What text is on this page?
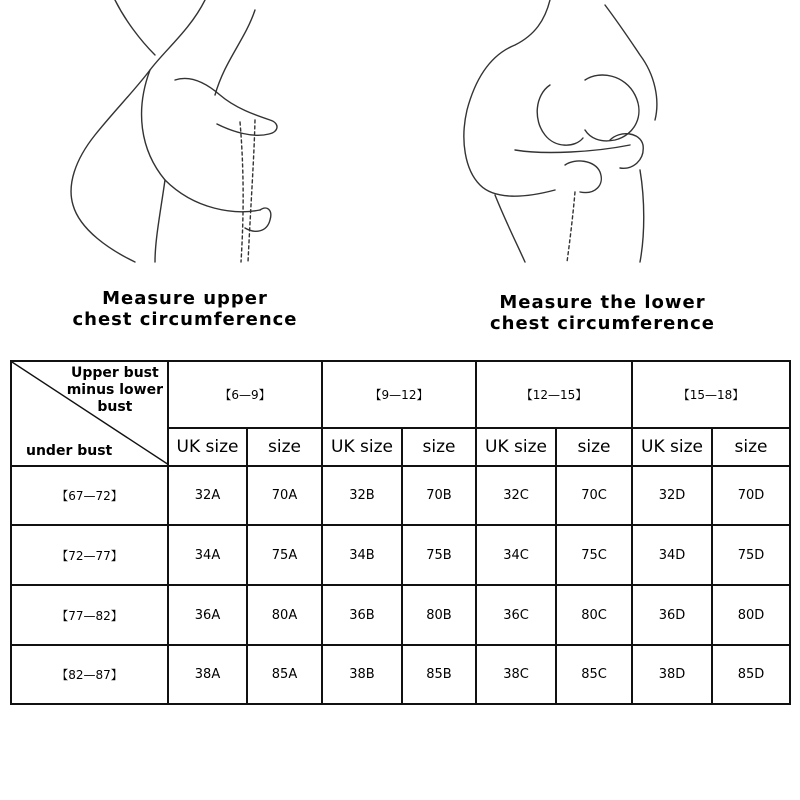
Measure upper
chest circumference
Measure the lower
chest circumference
Upper bust
minus lower
bust
under bust	【6—9】		【9—12】		【12—15】		【15—18】	
	UK size	size	UK size	size	UK size	size	UK size	size
【67—72】	32A	70A	32B	70B	32C	70C	32D	70D
【72—77】	34A	75A	34B	75B	34C	75C	34D	75D
【77—82】	36A	80A	36B	80B	36C	80C	36D	80D
【82—87】	38A	85A	38B	85B	38C	85C	38D	85D
